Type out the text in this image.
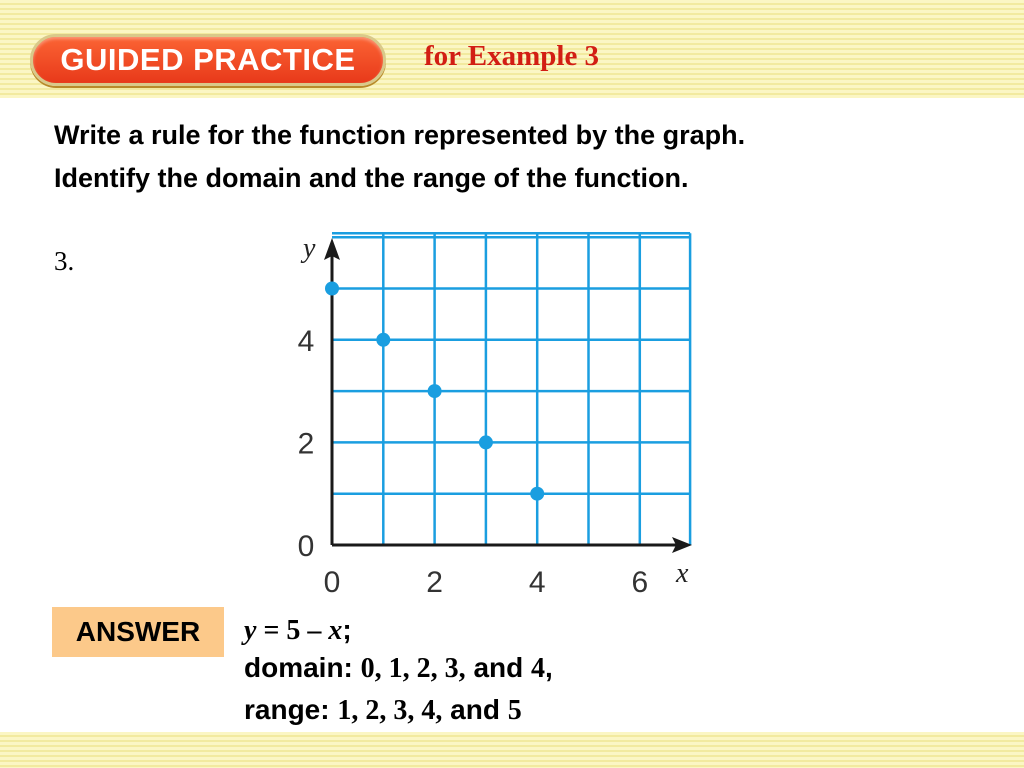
GUIDED PRACTICE for Example 3
Write a rule for the function represented by the graph.
Identify the domain and the range of the function.
3.
0	2	4	6
0
2
4
x
y
ANSWER	y = 5 – x;
domain: 0, 1, 2, 3, and 4,
range: 1, 2, 3, 4, and 5
